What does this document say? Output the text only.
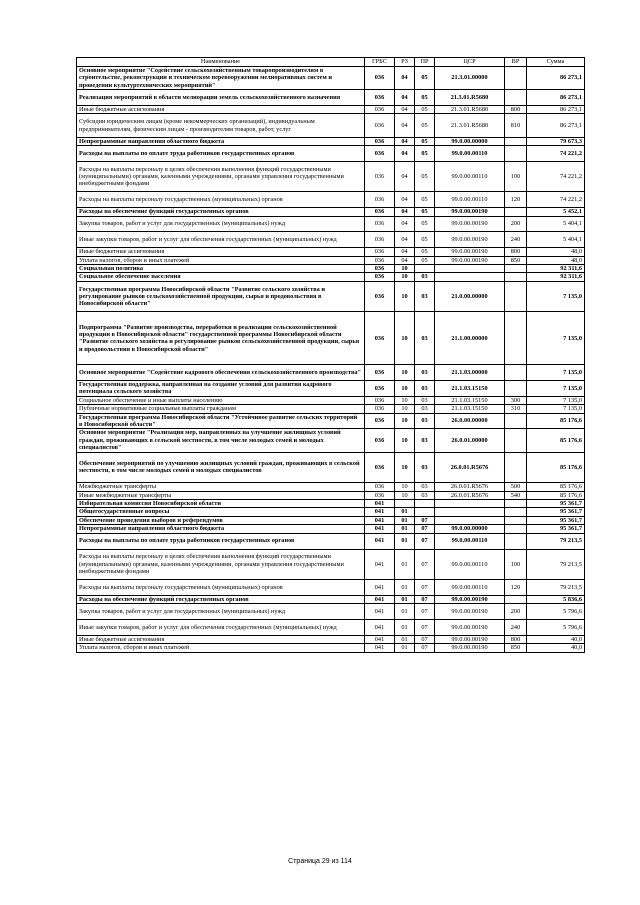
Наименование	ГРБС	РЗ	ПР	ЦСР	ВР	Сумма
Основное мероприятие "Содействие сельскохозяйственным товаропроизводителям в строительстве, реконструкции и техническом перевооружении мелиоративных систем и проведении культуртехнических мероприятий"	036	04	05	21.3.01.00000		86 273,1
Реализация мероприятий в области мелиорации земель сельскохозяйственного назначения	036	04	05	21.3.01.R5680		86 273,1
Иные бюджетные ассигнования	036	04	05	21.3.01.R5680	800	86 273,1
Субсидии юридическим лицам (кроме некоммерческих организаций), индивидуальным предпринимателям, физическим лицам - производителям товаров, работ, услуг	036	04	05	21.3.01.R5680	810	86 273,1
Непрограммные направления областного бюджета	036	04	05	99.0.00.00000		79 673,3
Расходы на выплаты по оплате труда работников государственных органов	036	04	05	99.0.00.00110		74 221,2
Расходы на выплаты персоналу в целях обеспечения выполнения функций государственными (муниципальными) органами, казенными учреждениями, органами управления государственными внебюджетными фондами	036	04	05	99.0.00.00110	100	74 221,2
Расходы на выплаты персоналу государственных (муниципальных) органов	036	04	05	99.0.00.00110	120	74 221,2
Расходы на обеспечение функций государственных органов	036	04	05	99.0.00.00190		5 452,1
Закупка товаров, работ и услуг для государственных (муниципальных) нужд	036	04	05	99.0.00.00190	200	5 404,1
Иные закупки товаров, работ и услуг для обеспечения государственных (муниципальных) нужд	036	04	05	99.0.00.00190	240	5 404,1
Иные бюджетные ассигнования	036	04	05	99.0.00.00190	800	48,0
Уплата налогов, сборов и иных платежей	036	04	05	99.0.00.00190	850	48,0
Социальная политика	036	10				92 311,6
Социальное обеспечение населения	036	10	03			92 311,6
Государственная программа Новосибирской области "Развитие сельского хозяйства и регулирование рынков сельскохозяйственной продукции, сырья и продовольствия в Новосибирской области"	036	10	03	21.0.00.00000		7 135,0
Подпрограмма "Развитие производства, переработки и реализации сельскохозяйственной продукции в Новосибирской области" государственной программы Новосибирской области "Развитие сельского хозяйства и регулирование рынков сельскохозяйственной продукции, сырья и продовольствия в Новосибирской области"	036	10	03	21.1.00.00000		7 135,0
Основное мероприятие "Содействие кадрового обеспечения сельскохозяйственного производства"	036	10	03	21.1.03.00000		7 135,0
Государственная поддержка, направленная на создание условий для развития кадрового потенциала сельского хозяйства	036	10	03	21.1.03.15150		7 135,0
Социальное обеспечение и иные выплаты населению	036	10	03	21.1.03.15150	300	7 135,0
Публичные нормативные социальные выплаты гражданам	036	10	03	21.1.03.15150	310	7 135,0
Государственная программа Новосибирской области "Устойчивое развитие сельских территорий в Новосибирской области"	036	10	03	26.0.00.00000		85 176,6
Основное мероприятие "Реализация мер, направленных на улучшение жилищных условий граждан, проживающих в сельской местности, в том числе молодых семей и молодых специалистов"	036	10	03	26.0.01.00000		85 176,6
Обеспечение мероприятий по улучшению жилищных условий граждан, проживающих в сельской местности, в том числе молодых семей и молодых специалистов	036	10	03	26.0.01.R5676		85 176,6
Межбюджетные трансферты	036	10	03	26.0.01.R5676	500	85 176,6
Иные межбюджетные трансферты	036	10	03	26.0.01.R5676	540	85 176,6
Избирательная комиссия Новосибирской области	041					95 361,7
Общегосударственные вопросы	041	01				95 361,7
Обеспечение проведения выборов и референдумов	041	01	07			95 361,7
Непрограммные направления областного бюджета	041	01	07	99.0.00.00000		95 361,7
Расходы на выплаты по оплате труда работников государственных органов	041	01	07	99.0.00.00110		79 213,5
Расходы на выплаты персоналу в целях обеспечения выполнения функций государственными (муниципальными) органами, казенными учреждениями, органами управления государственными внебюджетными фондами	041	01	07	99.0.00.00110	100	79 213,5
Расходы на выплаты персоналу государственных (муниципальных) органов	041	01	07	99.0.00.00110	120	79 213,5
Расходы на обеспечение функций государственных органов	041	01	07	99.0.00.00190		5 836,6
Закупка товаров, работ и услуг для государственных (муниципальных) нужд	041	01	07	99.0.00.00190	200	5 796,6
Иные закупки товаров, работ и услуг для обеспечения государственных (муниципальных) нужд	041	01	07	99.0.00.00190	240	5 796,6
Иные бюджетные ассигнования	041	01	07	99.0.00.00190	800	40,0
Уплата налогов, сборов и иных платежей	041	01	07	99.0.00.00190	850	40,0
Страница 29 из 114
